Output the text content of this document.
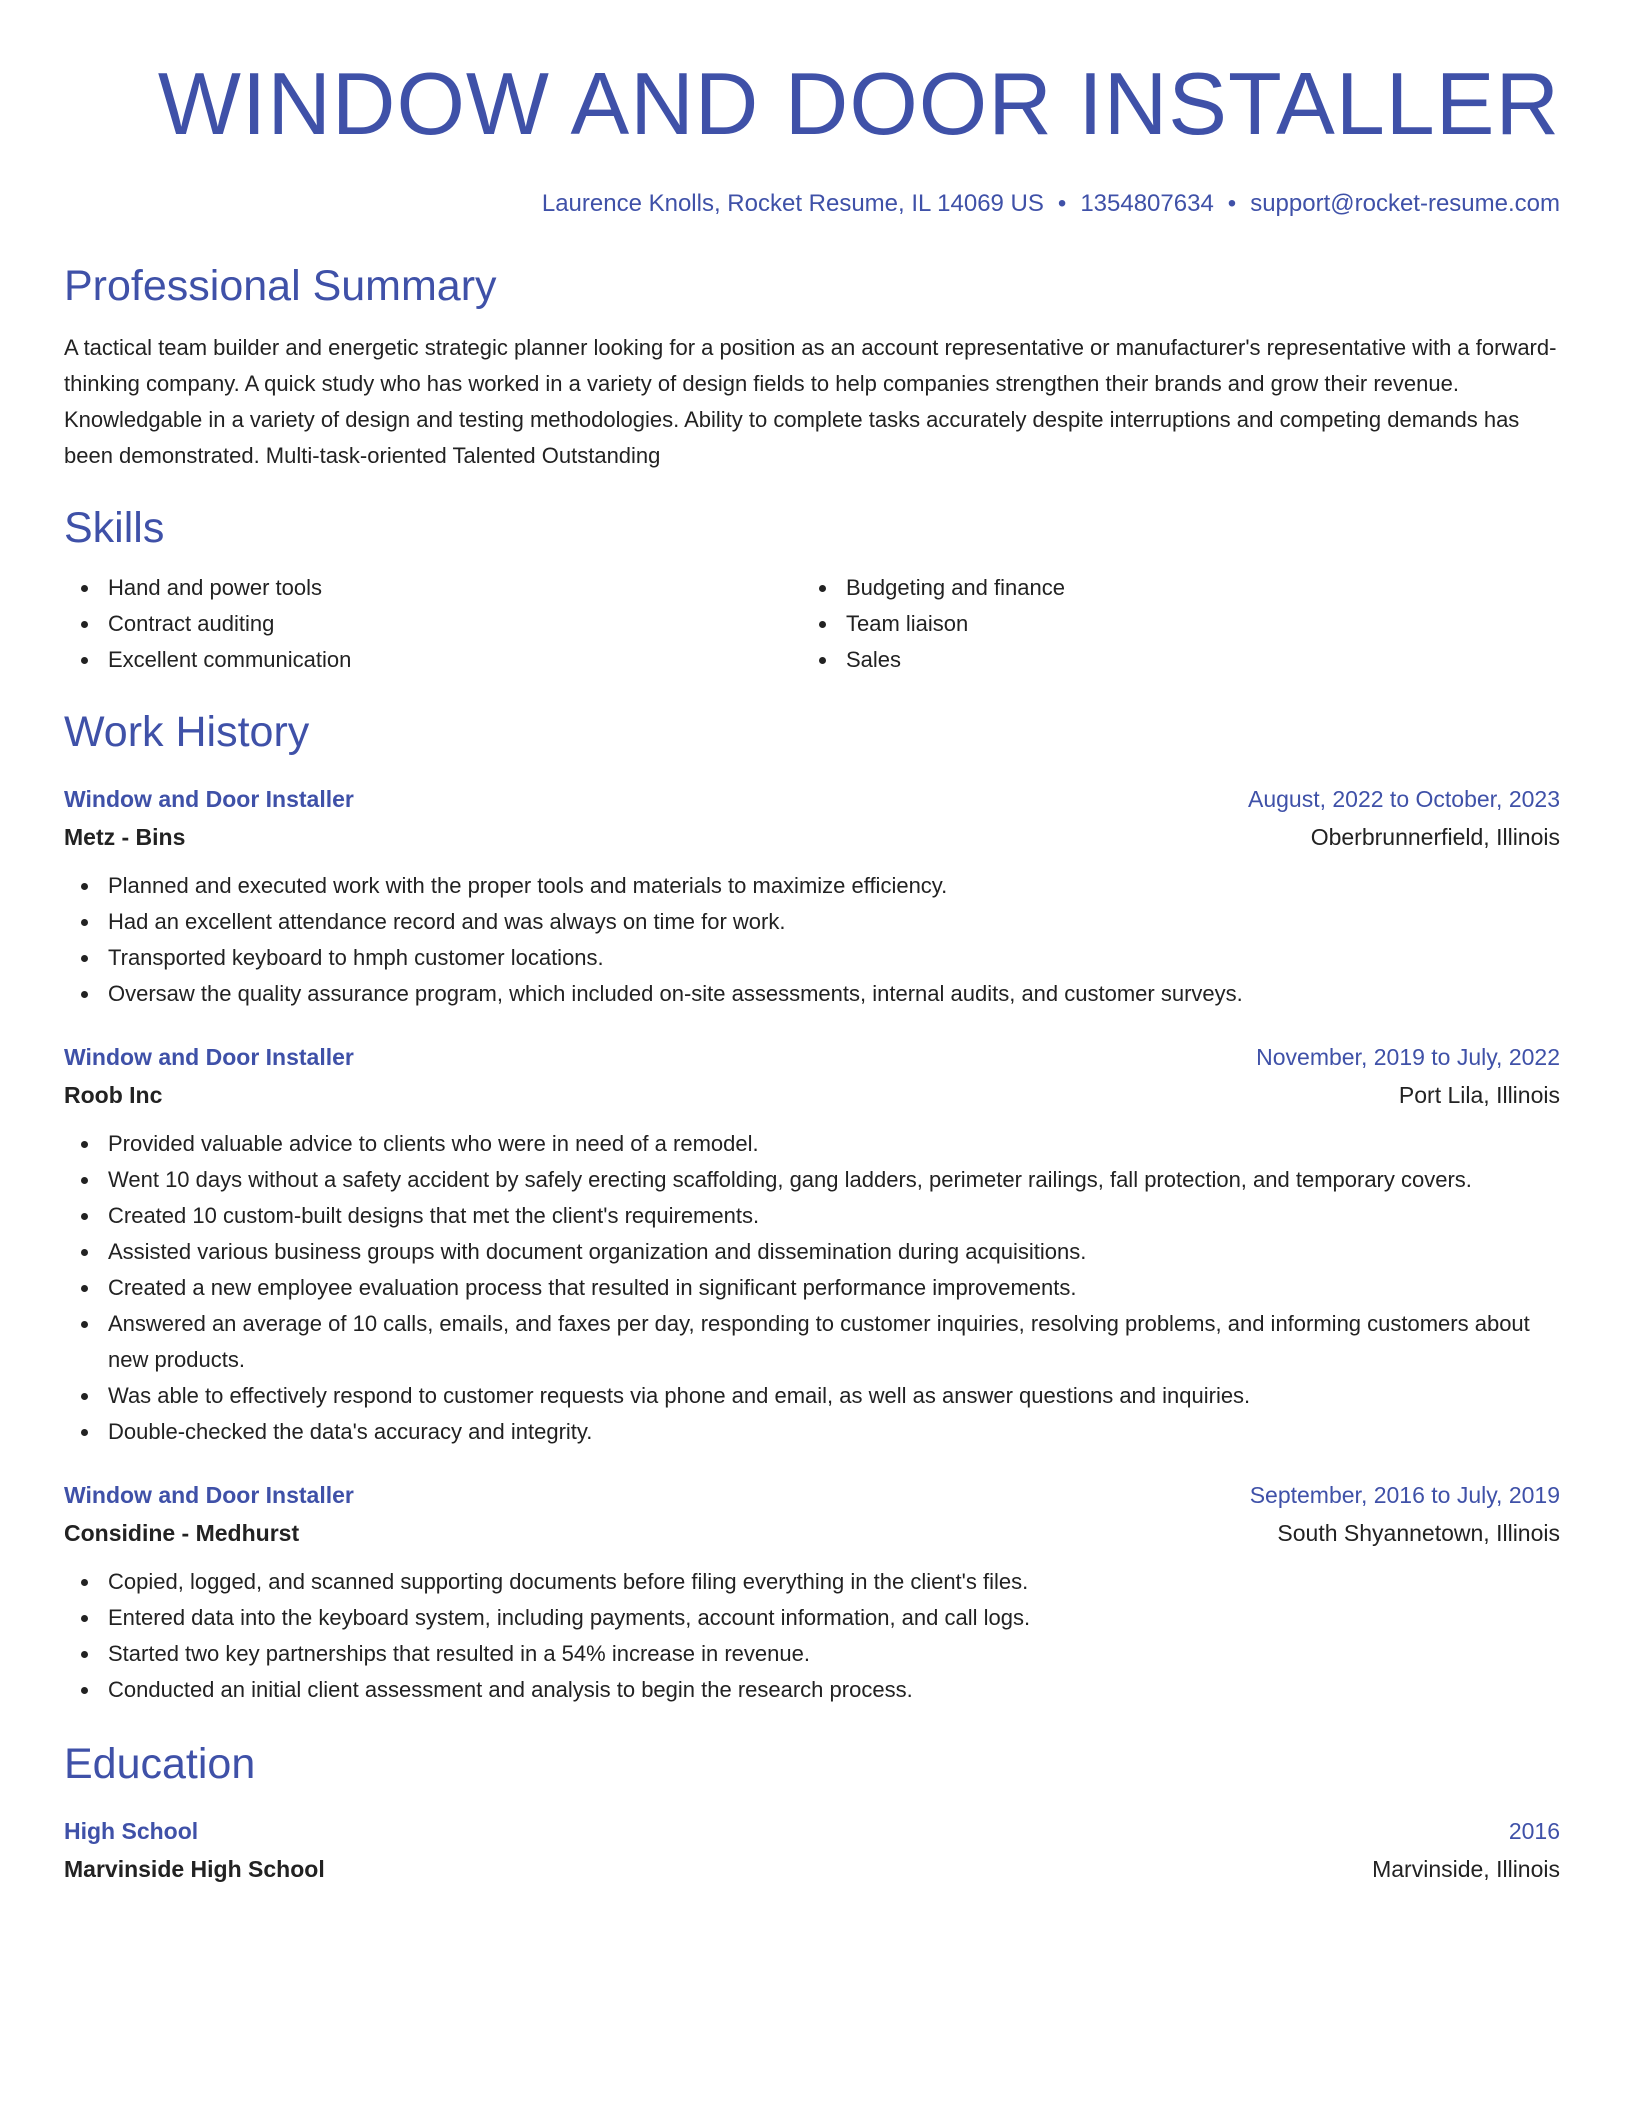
WINDOW AND DOOR INSTALLER
Laurence Knolls, Rocket Resume, IL 14069 US • 1354807634 • support@rocket-resume.com
Professional Summary
A tactical team builder and energetic strategic planner looking for a position as an account representative or manufacturer's representative with a forward-thinking company. A quick study who has worked in a variety of design fields to help companies strengthen their brands and grow their revenue. Knowledgable in a variety of design and testing methodologies. Ability to complete tasks accurately despite interruptions and competing demands has been demonstrated. Multi-task-oriented Talented Outstanding
Skills
Hand and power tools
Contract auditing
Excellent communication
Budgeting and finance
Team liaison
Sales
Work History
Window and Door Installer	August, 2022 to October, 2023
Metz - Bins	Oberbrunnerfield, Illinois
Planned and executed work with the proper tools and materials to maximize efficiency.
Had an excellent attendance record and was always on time for work.
Transported keyboard to hmph customer locations.
Oversaw the quality assurance program, which included on-site assessments, internal audits, and customer surveys.
Window and Door Installer	November, 2019 to July, 2022
Roob Inc	Port Lila, Illinois
Provided valuable advice to clients who were in need of a remodel.
Went 10 days without a safety accident by safely erecting scaffolding, gang ladders, perimeter railings, fall protection, and temporary covers.
Created 10 custom-built designs that met the client's requirements.
Assisted various business groups with document organization and dissemination during acquisitions.
Created a new employee evaluation process that resulted in significant performance improvements.
Answered an average of 10 calls, emails, and faxes per day, responding to customer inquiries, resolving problems, and informing customers about new products.
Was able to effectively respond to customer requests via phone and email, as well as answer questions and inquiries.
Double-checked the data's accuracy and integrity.
Window and Door Installer	September, 2016 to July, 2019
Considine - Medhurst	South Shyannetown, Illinois
Copied, logged, and scanned supporting documents before filing everything in the client's files.
Entered data into the keyboard system, including payments, account information, and call logs.
Started two key partnerships that resulted in a 54% increase in revenue.
Conducted an initial client assessment and analysis to begin the research process.
Education
High School	2016
Marvinside High School	Marvinside, Illinois
